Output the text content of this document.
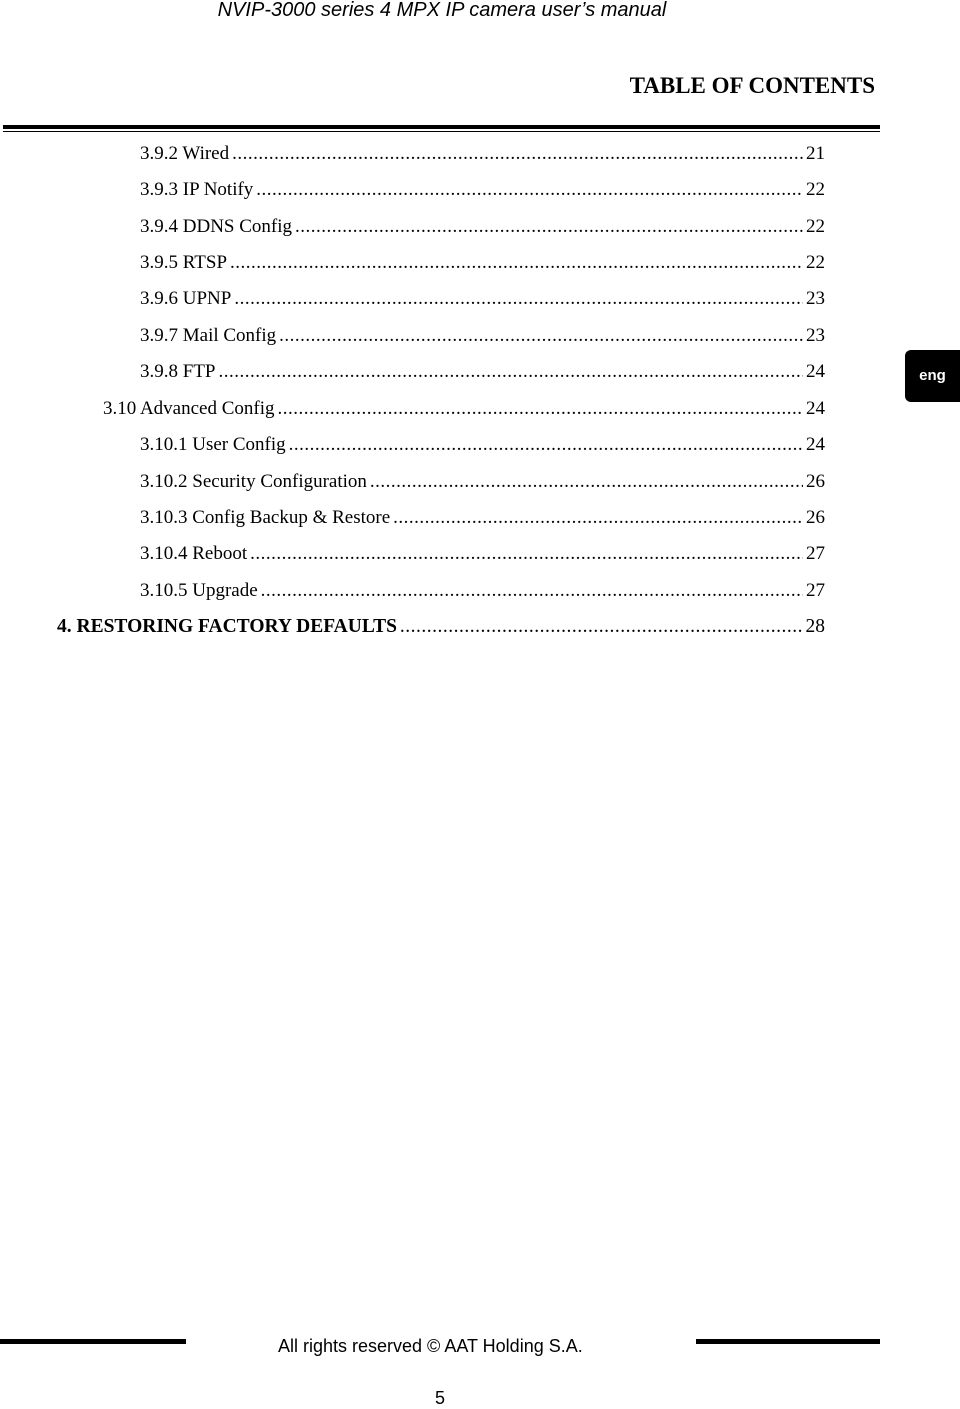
NVIP-3000 series 4 MPX IP camera user’s manual
TABLE OF CONTENTS
3.9.2 Wired .....	21
3.9.3 IP Notify .....	22
3.9.4 DDNS Config .....	22
3.9.5 RTSP .....	22
3.9.6 UPNP .....	23
3.9.7 Mail Config .....	23
3.9.8 FTP .....	24
3.10 Advanced Config .....	24
3.10.1 User Config .....	24
3.10.2 Security Configuration .....	26
3.10.3 Config Backup & Restore .....	26
3.10.4 Reboot .....	27
3.10.5 Upgrade .....	27
4. RESTORING FACTORY DEFAULTS .....	28
eng
All rights reserved © AAT Holding S.A.
5
